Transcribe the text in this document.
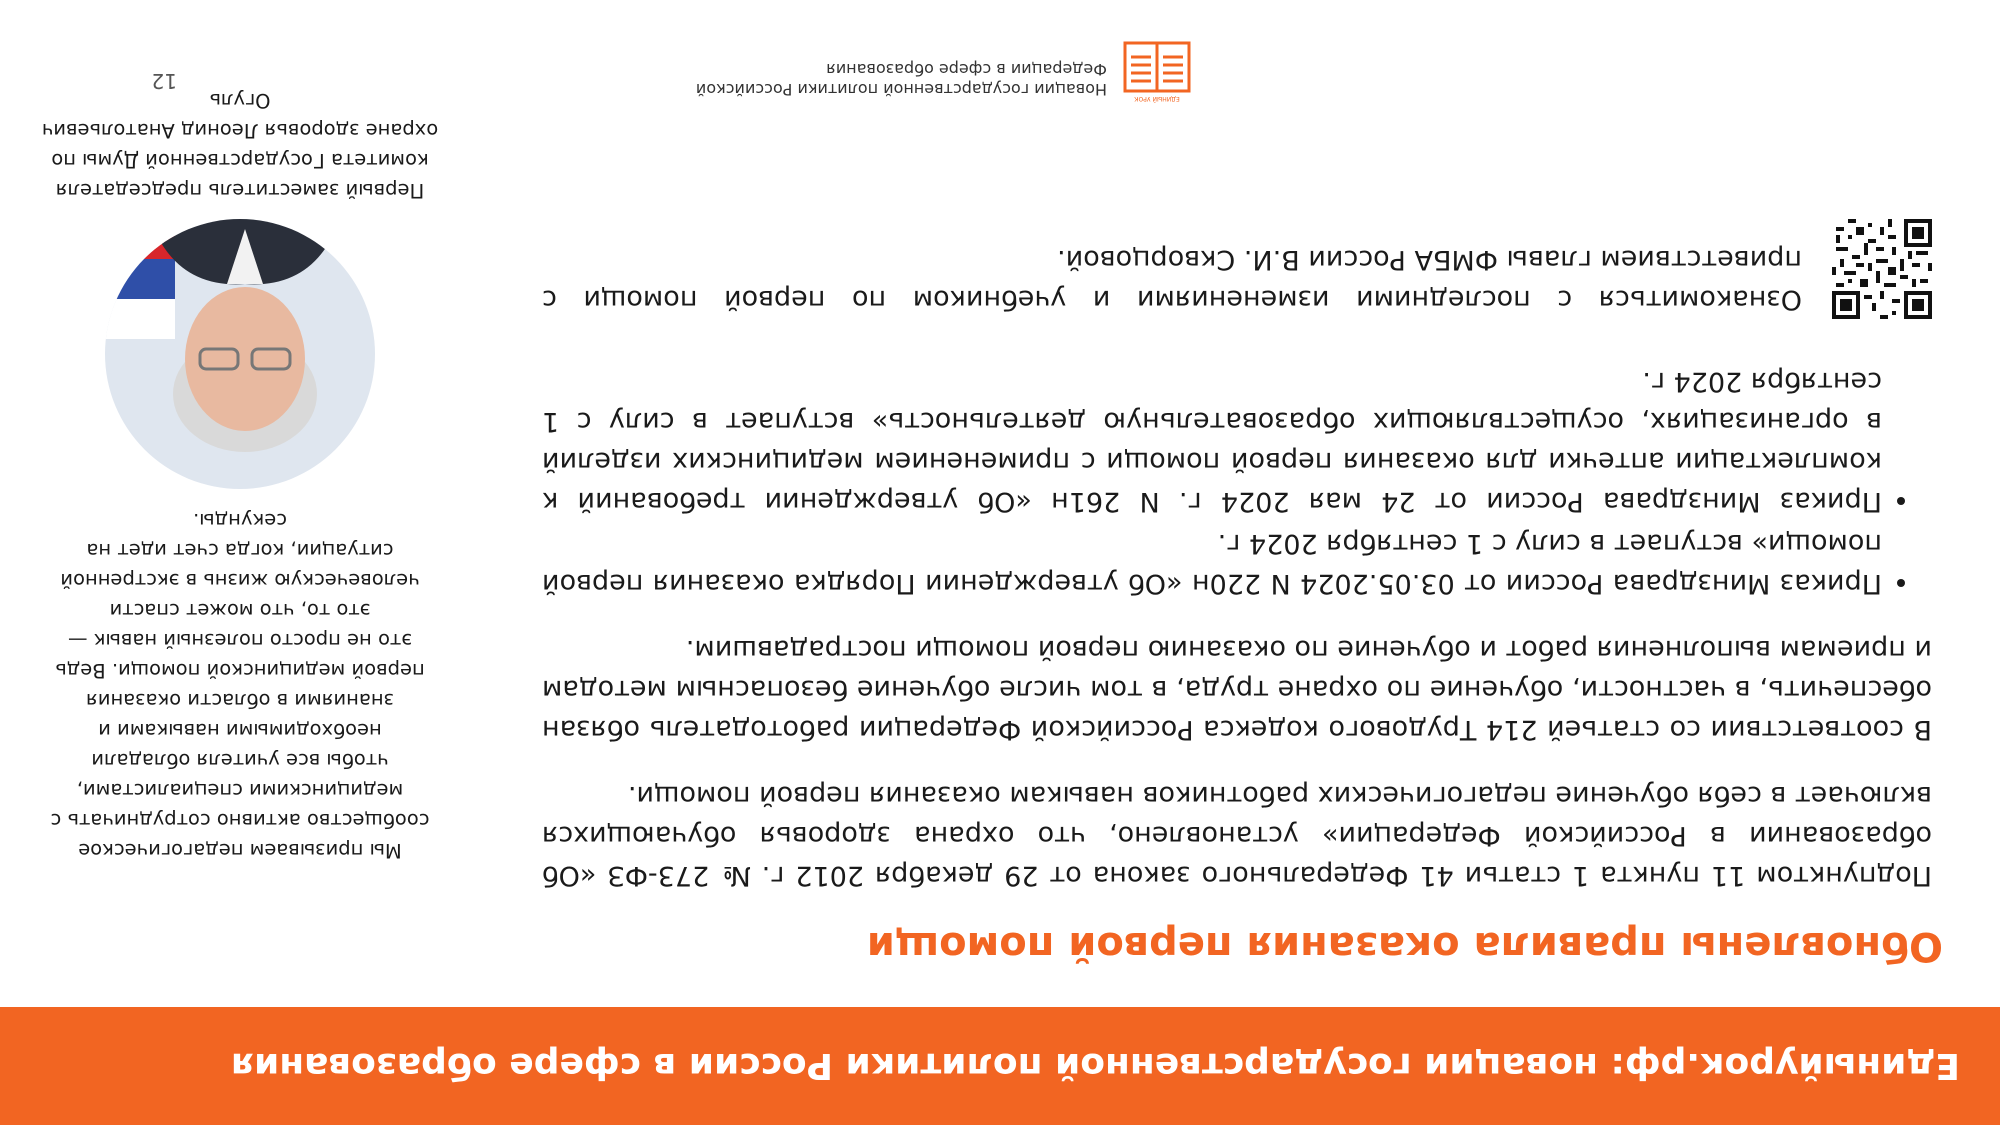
Единыйурок.рф: новации государственной политики России в сфере образования
Обновлены правила оказания первой помощи

Подпунктом 11 пункта 1 статьи 41 Федерального закона от 29 декабря 2012 г. № 273-ФЗ «Об образовании в Российской Федерации» установлено, что охрана здоровья обучающихся включает в себя обучение педагогических работников навыкам оказания первой помощи.

В соответствии со статьей 214 Трудового кодекса Российской Федерации работодатель обязан обеспечить, в частности, обучение по охране труда, в том числе обучение безопасным методам и приемам выполнения работ и обучение по оказанию первой помощи пострадавшим.

• Приказ Минздрава России от 03.05.2024 N 220н «Об утверждении Порядка оказания первой помощи» вступает в силу с 1 сентября 2024 г.
• Приказ Минздрава России от 24 мая 2024 г. N 261н «Об утверждении требований к комплектации аптечки для оказания первой помощи с применением медицинских изделий в организациях, осуществляющих образовательную деятельность» вступает в силу с 1 сентября 2024 г.
Ознакомиться с последними изменениями и учебником по первой помощи с приветствием главы ФМБА России В.И. Скворцовой.
Мы призываем педагогическое сообщество активно сотрудничать с медицинскими специалистами, чтобы все учителя обладали необходимыми навыками и знаниями в области оказания первой медицинской помощи. Ведь это не просто полезный навык — это то, что может спасти человеческую жизнь в экстренной ситуации, когда счет идет на секунды.
Первый заместитель председателя комитета Государственной Думы по охране здоровья Леонид Анатольевич Огуль	ЕДИНЫЙ УРОК
Новации государственной политики Российской Федерации в сфере образования
12
